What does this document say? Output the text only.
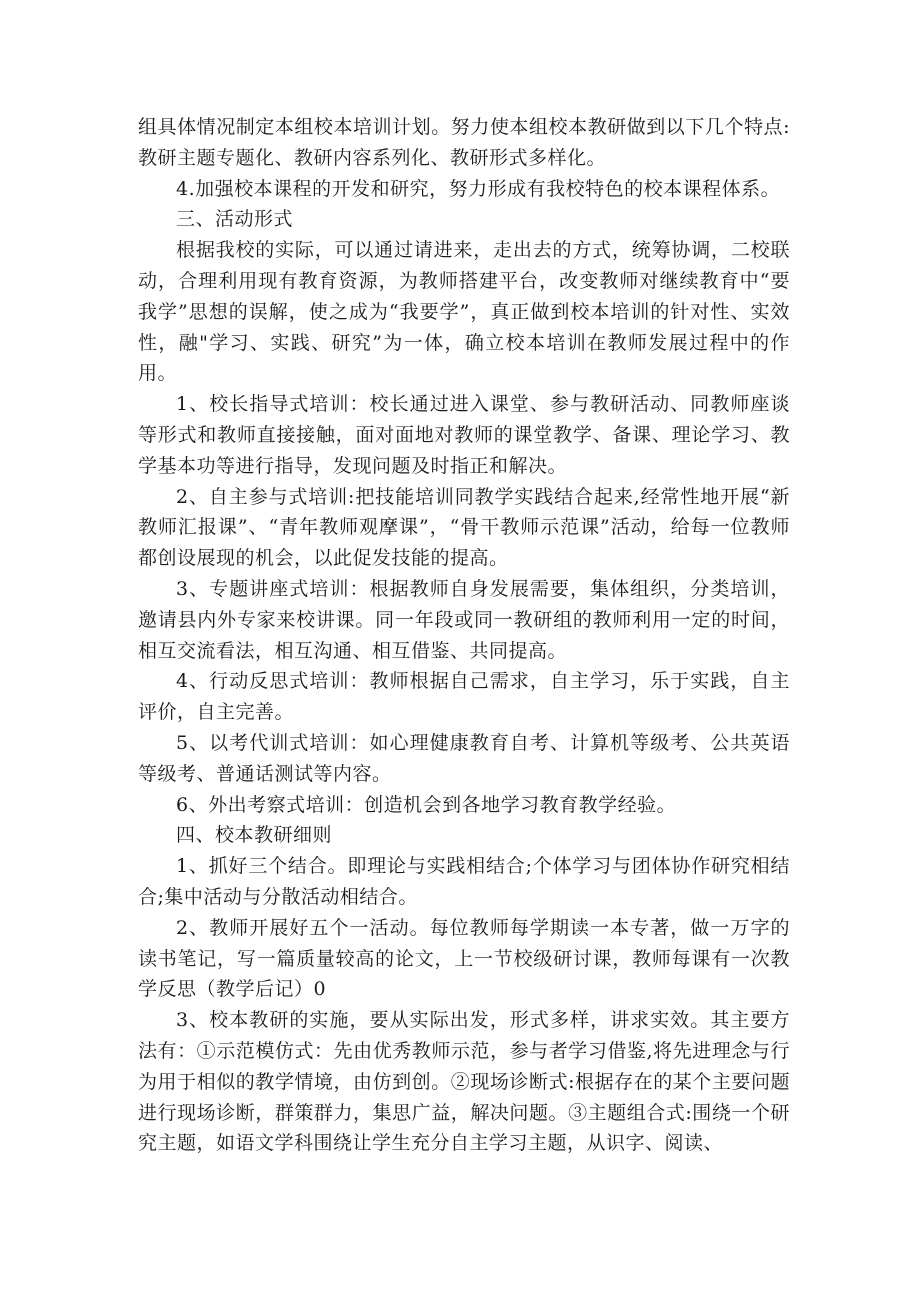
组具体情况制定本组校本培训计划。努力使本组校本教研做到以下几个特点:教研主题专题化、教研内容系列化、教研形式多样化。

4.加强校本课程的开发和研究，努力形成有我校特色的校本课程体系。

三、活动形式

根据我校的实际，可以通过请进来，走出去的方式，统筹协调，二校联动，合理利用现有教育资源，为教师搭建平台，改变教师对继续教育中“要我学”思想的误解，使之成为“我要学”，真正做到校本培训的针对性、实效性，融"学习、实践、研究”为一体，确立校本培训在教师发展过程中的作用。

1、校长指导式培训：校长通过进入课堂、参与教研活动、同教师座谈等形式和教师直接接触，面对面地对教师的课堂教学、备课、理论学习、教学基本功等进行指导，发现问题及时指正和解决。

2、自主参与式培训:把技能培训同教学实践结合起来,经常性地开展“新教师汇报课”、“青年教师观摩课”，“骨干教师示范课”活动，给每一位教师都创设展现的机会，以此促发技能的提高。

3、专题讲座式培训：根据教师自身发展需要，集体组织，分类培训，邀请县内外专家来校讲课。同一年段或同一教研组的教师利用一定的时间，相互交流看法，相互沟通、相互借鉴、共同提高。

4、行动反思式培训：教师根据自己需求，自主学习，乐于实践，自主评价，自主完善。

5、以考代训式培训：如心理健康教育自考、计算机等级考、公共英语等级考、普通话测试等内容。

6、外出考察式培训：创造机会到各地学习教育教学经验。

四、校本教研细则

1、抓好三个结合。即理论与实践相结合;个体学习与团体协作研究相结合;集中活动与分散活动相结合。

2、教师开展好五个一活动。每位教师每学期读一本专著，做一万字的读书笔记，写一篇质量较高的论文，上一节校级研讨课，教师每课有一次教学反思（教学后记）0

3、校本教研的实施，要从实际出发，形式多样，讲求实效。其主要方法有：①示范模仿式：先由优秀教师示范，参与者学习借鉴,将先进理念与行为用于相似的教学情境，由仿到创。②现场诊断式:根据存在的某个主要问题进行现场诊断，群策群力，集思广益，解决问题。③主题组合式:围绕一个研究主题，如语文学科围绕让学生充分自主学习主题，从识字、阅读、
